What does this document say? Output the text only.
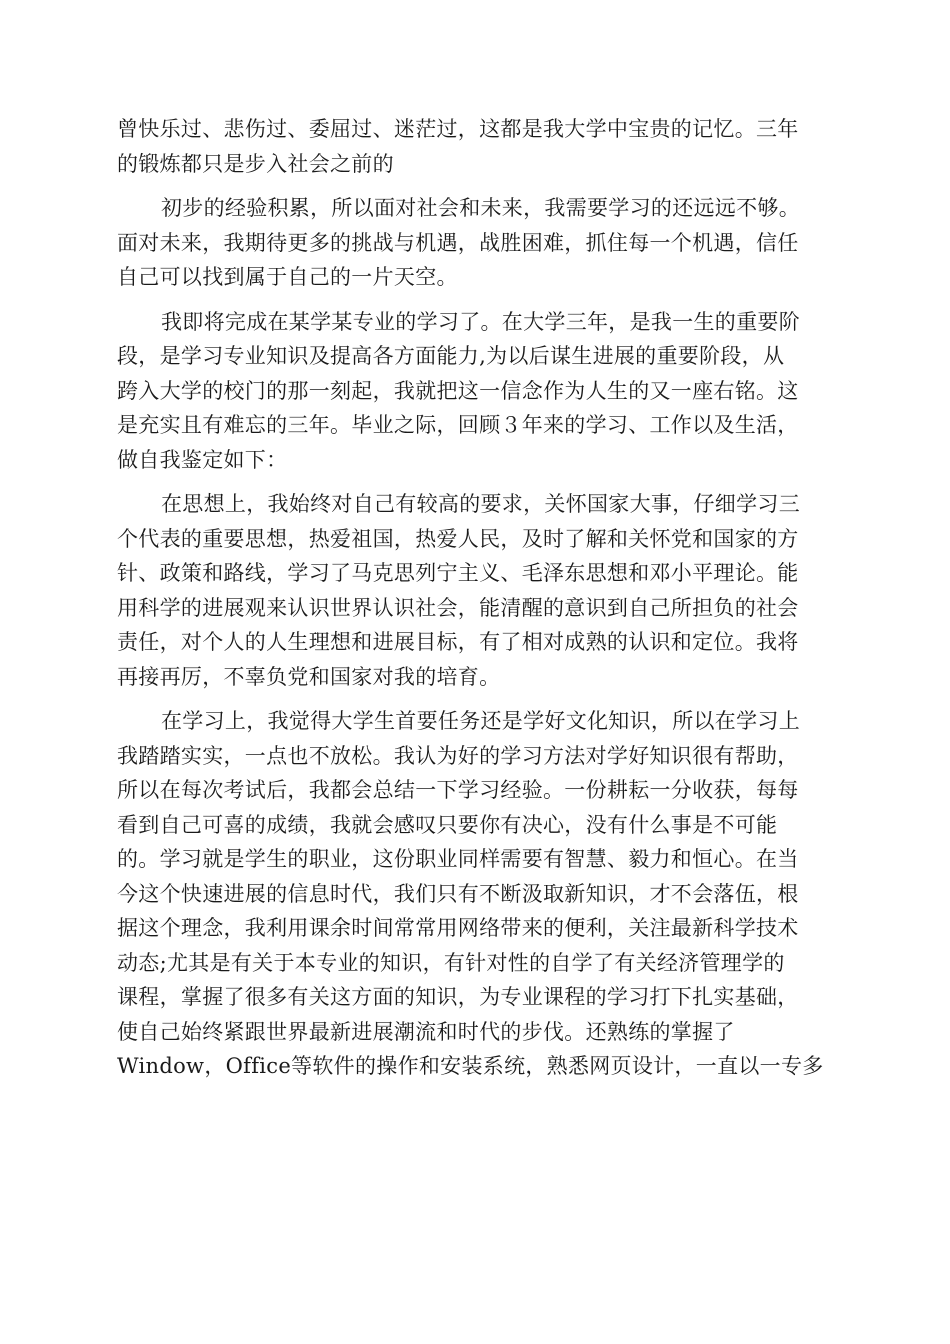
曾快乐过、悲伤过、委屈过、迷茫过，这都是我大学中宝贵的记忆。三年
的锻炼都只是步入社会之前的

初步的经验积累，所以面对社会和未来，我需要学习的还远远不够。
面对未来，我期待更多的挑战与机遇，战胜困难，抓住每一个机遇，信任
自己可以找到属于自己的一片天空。

我即将完成在某学某专业的学习了。在大学三年，是我一生的重要阶
段，是学习专业知识及提高各方面能力,为以后谋生进展的重要阶段，从
跨入大学的校门的那一刻起，我就把这一信念作为人生的又一座右铭。这
是充实且有难忘的三年。毕业之际，回顾３年来的学习、工作以及生活，
做自我鉴定如下：

在思想上，我始终对自己有较高的要求，关怀国家大事，仔细学习三
个代表的重要思想，热爱祖国，热爱人民，及时了解和关怀党和国家的方
针、政策和路线，学习了马克思列宁主义、毛泽东思想和邓小平理论。能
用科学的进展观来认识世界认识社会，能清醒的意识到自己所担负的社会
责任，对个人的人生理想和进展目标，有了相对成熟的认识和定位。我将
再接再厉，不辜负党和国家对我的培育。

在学习上，我觉得大学生首要任务还是学好文化知识，所以在学习上
我踏踏实实，一点也不放松。我认为好的学习方法对学好知识很有帮助，
所以在每次考试后，我都会总结一下学习经验。一份耕耘一分收获，每每
看到自己可喜的成绩，我就会感叹只要你有决心，没有什么事是不可能
的。学习就是学生的职业，这份职业同样需要有智慧、毅力和恒心。在当
今这个快速进展的信息时代，我们只有不断汲取新知识，才不会落伍，根
据这个理念，我利用课余时间常常用网络带来的便利，关注最新科学技术
动态;尤其是有关于本专业的知识，有针对性的自学了有关经济管理学的
课程，掌握了很多有关这方面的知识，为专业课程的学习打下扎实基础，
使自己始终紧跟世界最新进展潮流和时代的步伐。还熟练的掌握了
Window，Office等软件的操作和安装系统，熟悉网页设计，一直以一专多
